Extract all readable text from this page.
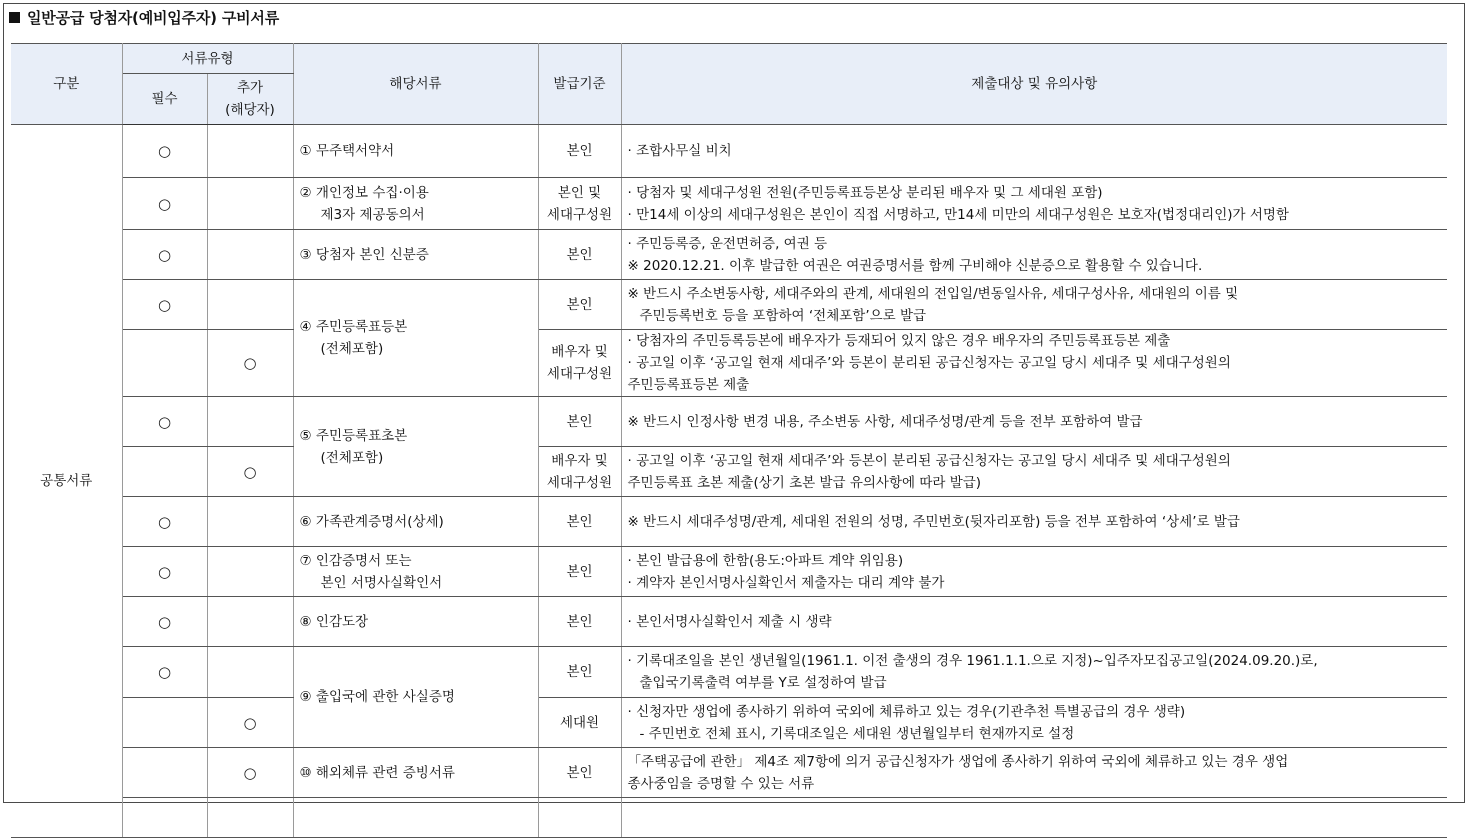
일반공급 당첨자(예비입주자) 구비서류
구분	서류유형		해당서류	발급기준	제출대상 및 유의사항
	필수	추가
(해당자)			
공통서류	○		① 무주택서약서	본인	· 조합사무실 비치

	○		② 개인정보 수집·이용
제3자 제공동의서	본인 및
세대구성원	· 당첨자 및 세대구성원 전원(주민등록표등본상 분리된 배우자 및 그 세대원 포함)
· 만14세 이상의 세대구성원은 본인이 직접 서명하고, 만14세 미만의 세대구성원은 보호자(법정대리인)가 서명함

	○		③ 당첨자 본인 신분증	본인	· 주민등록증, 운전면허증, 여권 등
※ 2020.12.21. 이후 발급한 여권은 여권증명서를 함께 구비해야 신분증으로 활용할 수 있습니다.

	○		④ 주민등록표등본
(전체포함)	본인	※ 반드시 주소변동사항, 세대주와의 관계, 세대원의 전입일/변동일사유, 세대구성사유, 세대원의 이름 및
주민등록번호 등을 포함하여 ‘전체포함’으로 발급

		○		배우자 및
세대구성원	· 당첨자의 주민등록등본에 배우자가 등재되어 있지 않은 경우 배우자의 주민등록표등본 제출
· 공고일 이후 ‘공고일 현재 세대주’와 등본이 분리된 공급신청자는 공고일 당시 세대주 및 세대구성원의
주민등록표등본 제출

	○		⑤ 주민등록표초본
(전체포함)	본인	※ 반드시 인정사항 변경 내용, 주소변동 사항, 세대주성명/관계 등을 전부 포함하여 발급

		○		배우자 및
세대구성원	· 공고일 이후 ‘공고일 현재 세대주’와 등본이 분리된 공급신청자는 공고일 당시 세대주 및 세대구성원의
주민등록표 초본 제출(상기 초본 발급 유의사항에 따라 발급)

	○		⑥ 가족관계증명서(상세)	본인	※ 반드시 세대주성명/관계, 세대원 전원의 성명, 주민번호(뒷자리포함) 등을 전부 포함하여 ‘상세’로 발급

	○		⑦ 인감증명서 또는
본인 서명사실확인서	본인	· 본인 발급용에 한함(용도:아파트 계약 위임용)
· 계약자 본인서명사실확인서 제출자는 대리 계약 불가

	○		⑧ 인감도장	본인	· 본인서명사실확인서 제출 시 생략

	○		⑨ 출입국에 관한 사실증명	본인	· 기록대조일을 본인 생년월일(1961.1. 이전 출생의 경우 1961.1.1.으로 지정)~입주자모집공고일(2024.09.20.)로,
출입국기록출력 여부를 Y로 설정하여 발급

		○		세대원	· 신청자만 생업에 종사하기 위하여 국외에 체류하고 있는 경우(기관추천 특별공급의 경우 생략)
- 주민번호 전체 표시, 기록대조일은 세대원 생년월일부터 현재까지로 설정

		○	⑩ 해외체류 관련 증빙서류	본인	「주택공급에 관한」 제4조 제7항에 의거 공급신청자가 생업에 종사하기 위하여 국외에 체류하고 있는 경우 생업
종사중임을 증명할 수 있는 서류
